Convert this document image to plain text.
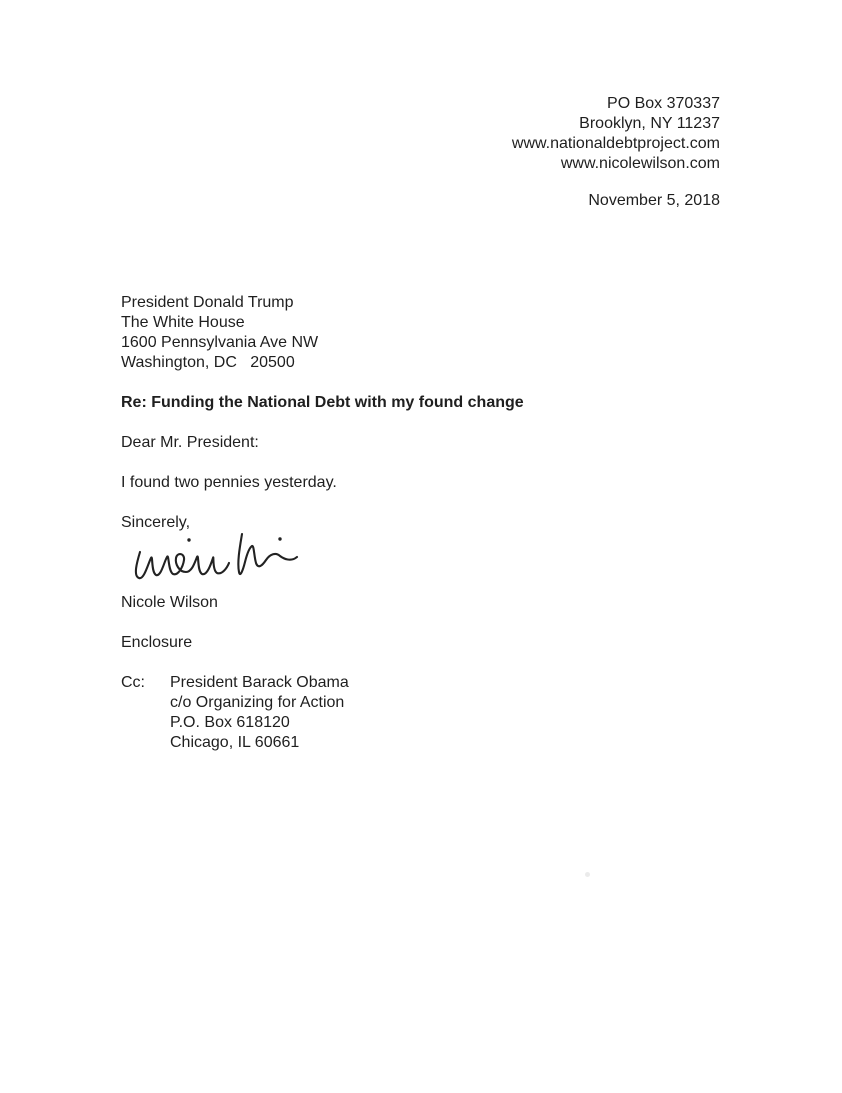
PO Box 370337
Brooklyn, NY 11237
www.nationaldebtproject.com
www.nicolewilson.com
November 5, 2018
President Donald Trump
The White House
1600 Pennsylvania Ave NW
Washington, DC   20500
Re: Funding the National Debt with my found change
Dear Mr. President:
I found two pennies yesterday.
Sincerely,
Nicole Wilson
Enclosure
Cc:	President Barack Obama
c/o Organizing for Action
P.O. Box 618120
Chicago, IL 60661
